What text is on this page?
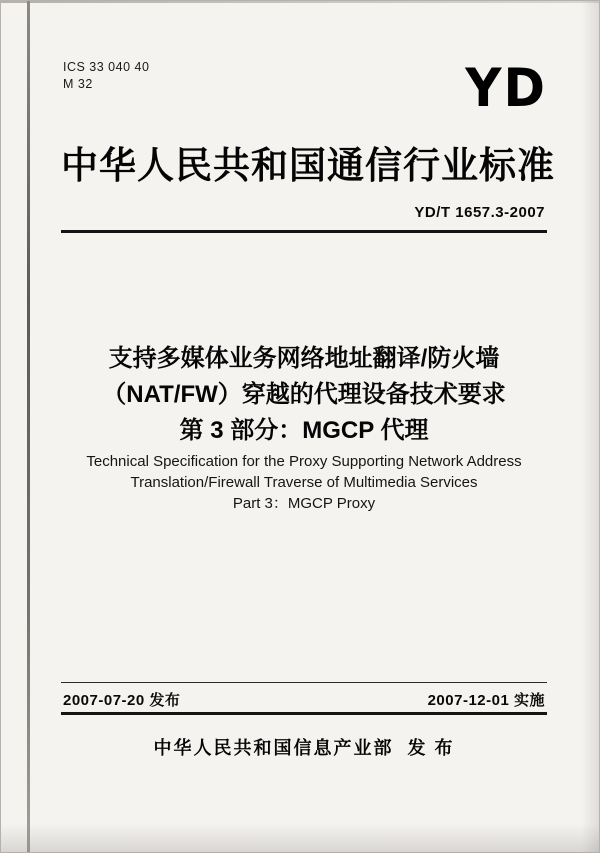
ICS 33 040 40
M 32	YD
中华人民共和国通信行业标准
YD/T 1657.3-2007
支持多媒体业务网络地址翻译/防火墙
（NAT/FW）穿越的代理设备技术要求
第 3 部分：MGCP 代理
Technical Specification for the Proxy Supporting Network Address
Translation/Firewall Traverse of Multimedia Services
Part 3：MGCP Proxy
2007-07-20 发布	2007-12-01 实施
中华人民共和国信息产业部 发 布
